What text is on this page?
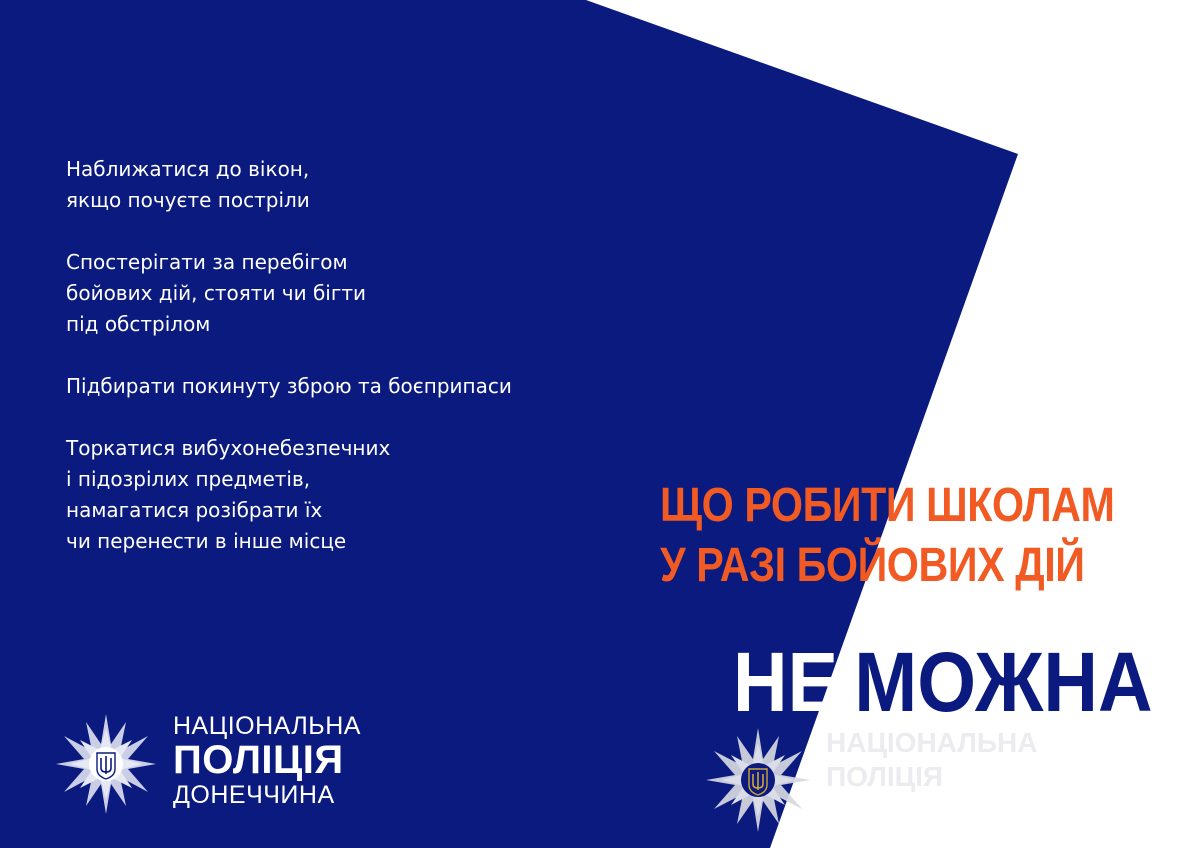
Наближатися до вікон,
якщо почуєте постріли
Спостерігати за перебігом
бойових дій, стояти чи бігти
під обстрілом
Підбирати покинуту зброю та боєприпаси
Торкатися вибухонебезпечних
і підозрілих предметів,
намагатися розібрати їх
чи перенести в інше місце
НАЦІОНАЛЬНА
ПОЛІЦІЯ
ДОНЕЧЧИНА
ЩО РОБИТИ ШКОЛАМ
У РАЗІ БОЙОВИХ ДІЙ
НЕ МОЖНА
НАЦІОНАЛЬНА
ПОЛІЦІЯ
